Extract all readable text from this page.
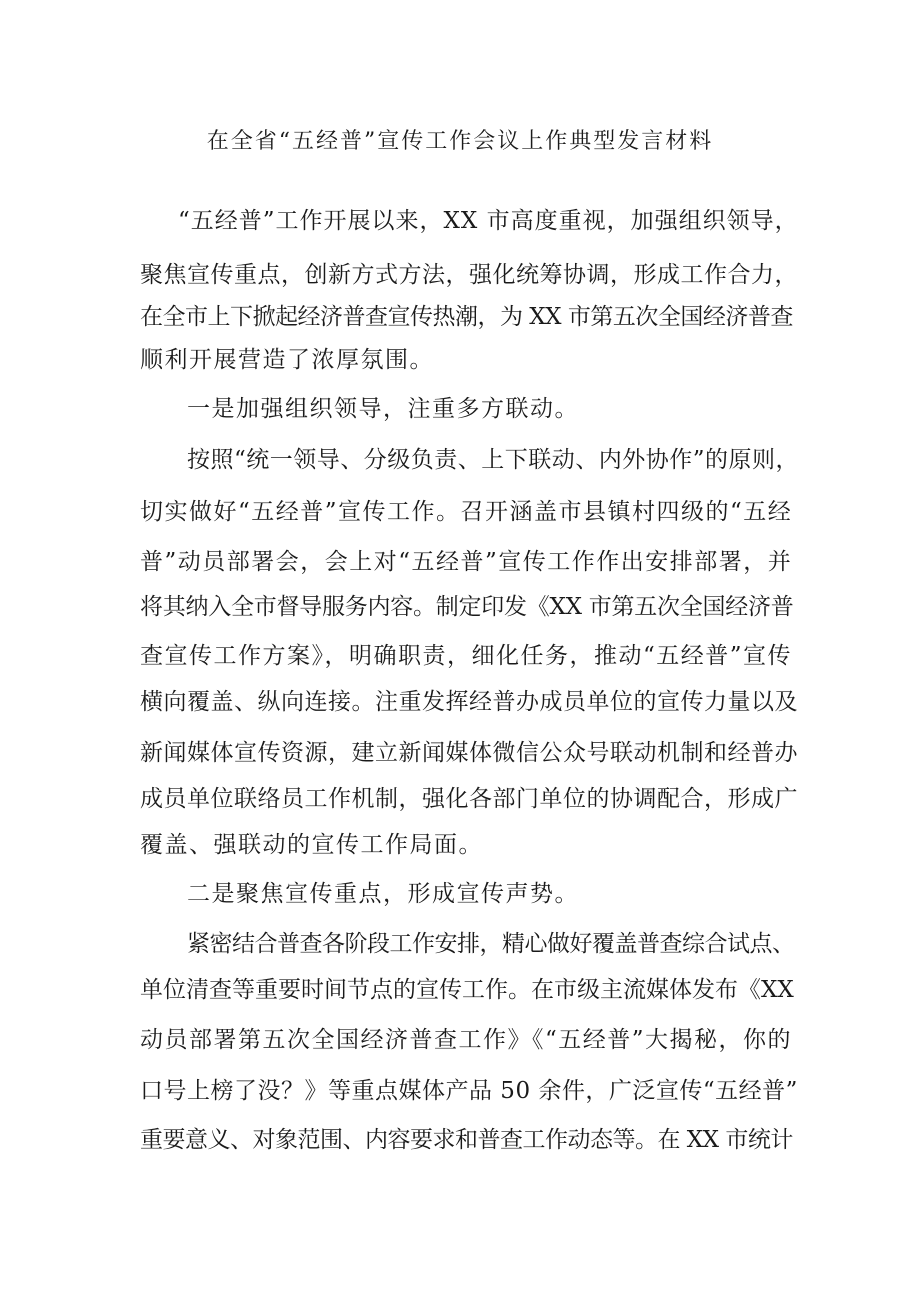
在全省“五经普”宣传工作会议上作典型发言材料
“五经普”工作开展以来，XX 市高度重视，加强组织领导，
聚焦宣传重点，创新方式方法，强化统筹协调，形成工作合力，
在全市上下掀起经济普查宣传热潮，为 XX 市第五次全国经济普查
顺利开展营造了浓厚氛围。
一是加强组织领导，注重多方联动。
按照“统一领导、分级负责、上下联动、内外协作”的原则，
切实做好“五经普”宣传工作。召开涵盖市县镇村四级的“五经
普”动员部署会，会上对“五经普”宣传工作作出安排部署，并
将其纳入全市督导服务内容。制定印发《XX 市第五次全国经济普
查宣传工作方案》，明确职责，细化任务，推动“五经普”宣传
横向覆盖、纵向连接。注重发挥经普办成员单位的宣传力量以及
新闻媒体宣传资源，建立新闻媒体微信公众号联动机制和经普办
成员单位联络员工作机制，强化各部门单位的协调配合，形成广
覆盖、强联动的宣传工作局面。
二是聚焦宣传重点，形成宣传声势。
紧密结合普查各阶段工作安排，精心做好覆盖普查综合试点、
单位清查等重要时间节点的宣传工作。在市级主流媒体发布《XX
动员部署第五次全国经济普查工作》《“五经普”大揭秘，你的
口号上榜了没？》等重点媒体产品 50 余件，广泛宣传“五经普”
重要意义、对象范围、内容要求和普查工作动态等。在 XX 市统计
